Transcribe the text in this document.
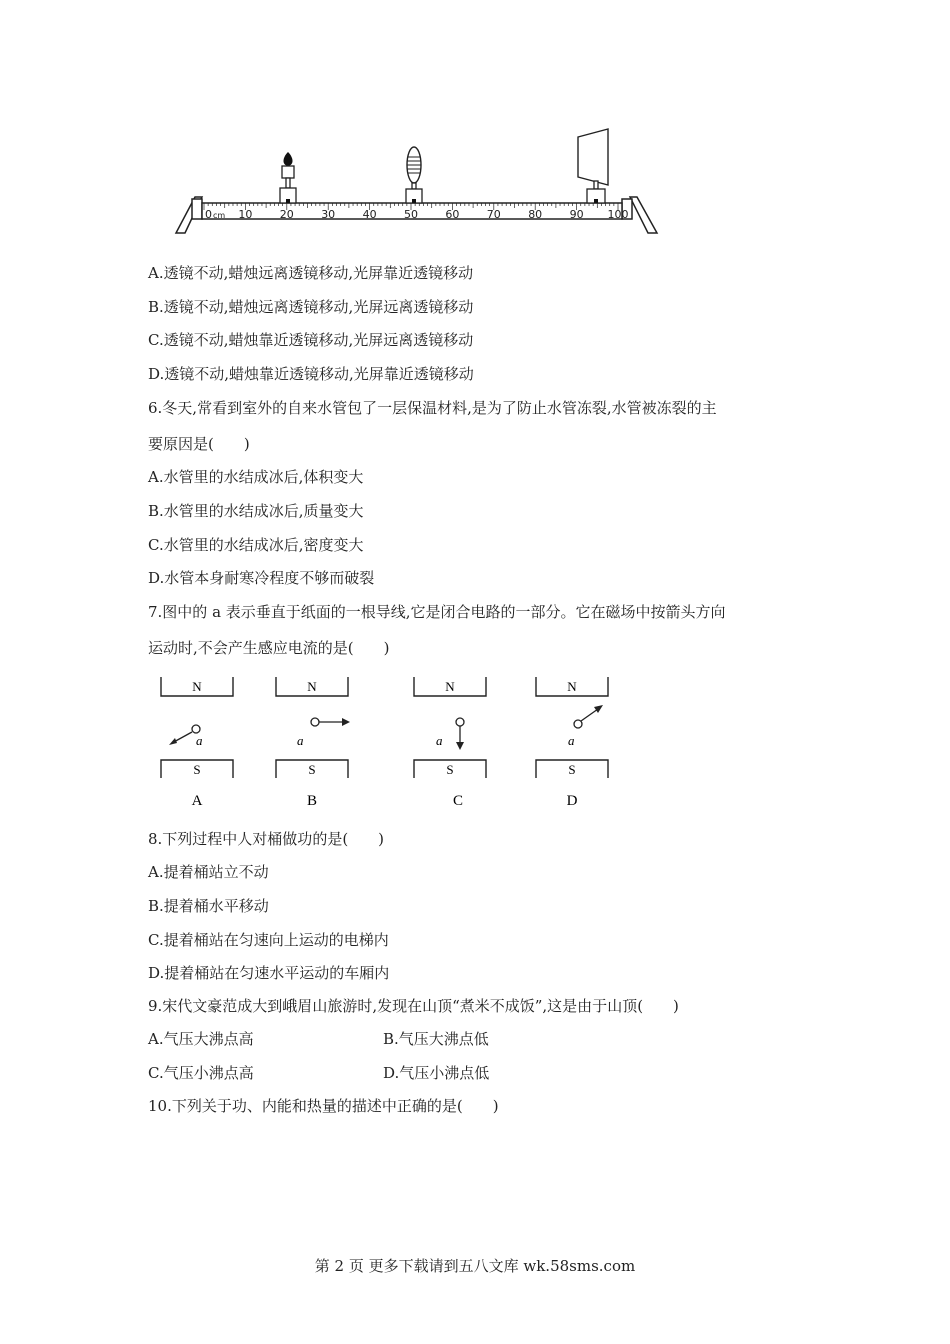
0 10 20 30 40 50 60 70 80 90 100
cm
A.透镜不动,蜡烛远离透镜移动,光屏靠近透镜移动
B.透镜不动,蜡烛远离透镜移动,光屏远离透镜移动
C.透镜不动,蜡烛靠近透镜移动,光屏远离透镜移动
D.透镜不动,蜡烛靠近透镜移动,光屏靠近透镜移动
6.冬天,常看到室外的自来水管包了一层保温材料,是为了防止水管冻裂,水管被冻裂的主
要原因是(　　)
A.水管里的水结成冰后,体积变大
B.水管里的水结成冰后,质量变大
C.水管里的水结成冰后,密度变大
D.水管本身耐寒冷程度不够而破裂
7.图中的 a 表示垂直于纸面的一根导线,它是闭合电路的一部分。它在磁场中按箭头方向
运动时,不会产生感应电流的是(　　)
N
a
S
A
N
a
S
B
N
a
S
C
N
a
S
D
8.下列过程中人对桶做功的是(　　)
A.提着桶站立不动
B.提着桶水平移动
C.提着桶站在匀速向上运动的电梯内
D.提着桶站在匀速水平运动的车厢内
9.宋代文豪范成大到峨眉山旅游时,发现在山顶“煮米不成饭”,这是由于山顶(　　)
A.气压大沸点高	B.气压大沸点低
C.气压小沸点高	D.气压小沸点低
10.下列关于功、内能和热量的描述中正确的是(　　)
第 2 页 更多下载请到五八文库 wk.58sms.com
